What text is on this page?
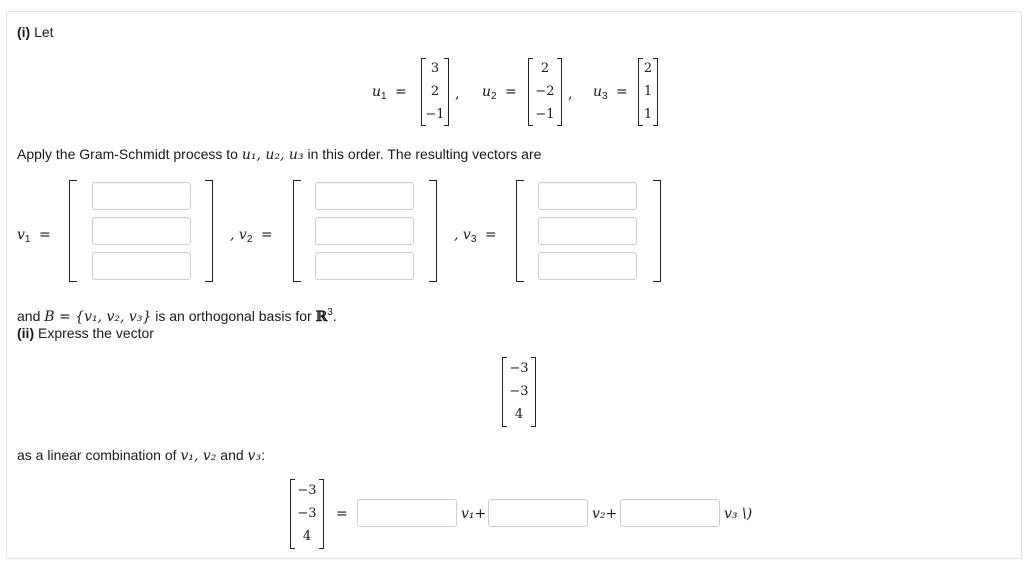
(i) Let
$u_1$ =
3
2
−1
, $u_2$ =
2
−2
−1
, $u_3$ =
2
1
1
Apply the Gram-Schmidt process to u₁, u₂, u₃ in this order. The resulting vectors are
$v_1$ =	, $v_2$ =	, $v_3$ =
and B = {v₁, v₂, v₃} is an orthogonal basis for ℝ$^3$.
(ii) Express the vector
−3
−3
4
as a linear combination of v₁, v₂ and v₃:
−3
−3
4
=	v₁+	v₂+	v₃ \)
